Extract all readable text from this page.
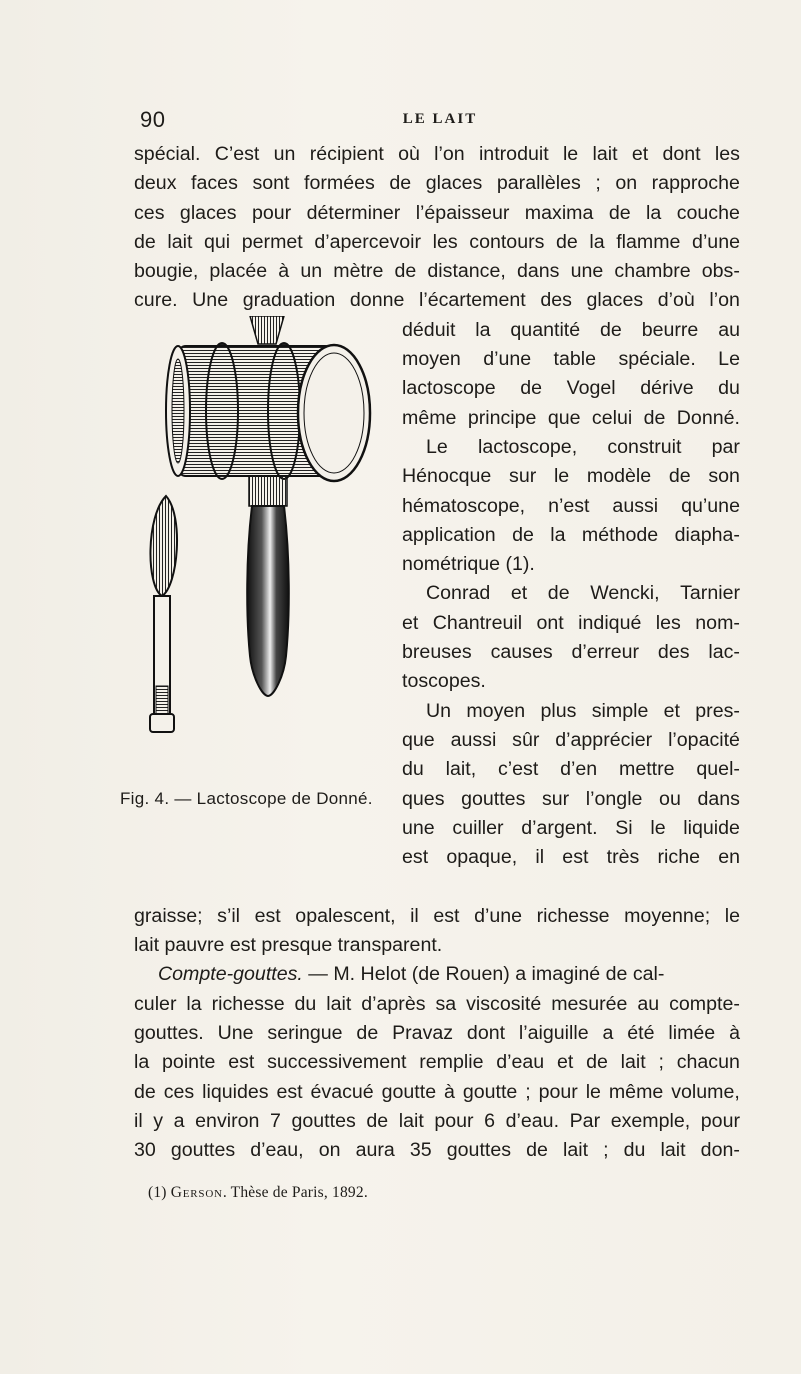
90	LE LAIT
spécial. C’est un récipient où l’on introduit le lait et dont les
deux faces sont formées de glaces parallèles ; on rapproche
ces glaces pour déterminer l’épaisseur maxima de la couche
de lait qui permet d’apercevoir les contours de la flamme d’une
bougie, placée à un mètre de distance, dans une chambre obs-
cure. Une graduation donne l’écartement des glaces d’où l’on
Fig. 4. — Lactoscope de Donné.
déduit la quantité de beurre au
moyen d’une table spéciale. Le
lactoscope de Vogel dérive du
même principe que celui de Donné.
Le lactoscope, construit par
Hénocque sur le modèle de son
hématoscope, n’est aussi qu’une
application de la méthode diapha-
nométrique (1).
Conrad et de Wencki, Tarnier
et Chantreuil ont indiqué les nom-
breuses causes d’erreur des lac-
toscopes.
Un moyen plus simple et pres-
que aussi sûr d’apprécier l’opacité
du lait, c’est d’en mettre quel-
ques gouttes sur l’ongle ou dans
une cuiller d’argent. Si le liquide
est opaque, il est très riche en
graisse; s’il est opalescent, il est d’une richesse moyenne; le
lait pauvre est presque transparent.
Compte-gouttes. — M. Helot (de Rouen) a imaginé de cal-
culer la richesse du lait d’après sa viscosité mesurée au compte-
gouttes. Une seringue de Pravaz dont l’aiguille a été limée à
la pointe est successivement remplie d’eau et de lait ; chacun
de ces liquides est évacué goutte à goutte ; pour le même volume,
il y a environ 7 gouttes de lait pour 6 d’eau. Par exemple, pour
30 gouttes d’eau, on aura 35 gouttes de lait ; du lait don-
(1) Gerson. Thèse de Paris, 1892.
